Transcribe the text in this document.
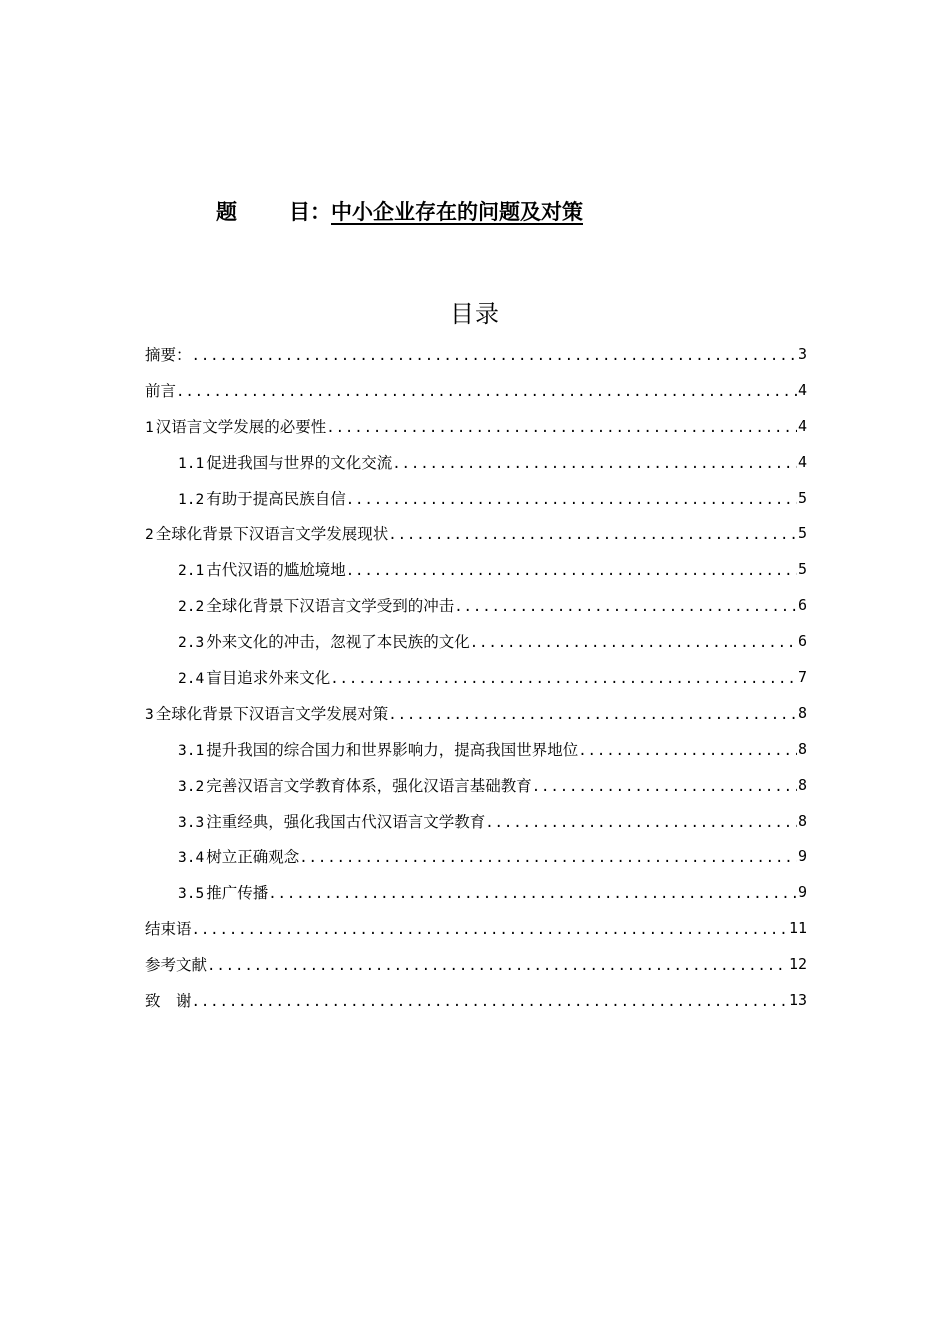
题 目： 中小企业存在的问题及对策
目录
摘要： .....	3
前言 .....	4
1 汉语言文学发展的必要性 .....	4
1.1 促进我国与世界的文化交流 .....	4
1.2 有助于提高民族自信 .....	5
2 全球化背景下汉语言文学发展现状 .....	5
2.1 古代汉语的尴尬境地 .....	5
2.2 全球化背景下汉语言文学受到的冲击 .....	6
2.3 外来文化的冲击，忽视了本民族的文化 .....	6
2.4 盲目追求外来文化 .....	7
3 全球化背景下汉语言文学发展对策 .....	8
3.1 提升我国的综合国力和世界影响力，提高我国世界地位 .....	8
3.2 完善汉语言文学教育体系，强化汉语言基础教育 .....	8
3.3 注重经典，强化我国古代汉语言文学教育 .....	8
3.4 树立正确观念 .....	9
3.5 推广传播 .....	9
结束语 .....	11
参考文献 .....	12
致　谢 .....	13
